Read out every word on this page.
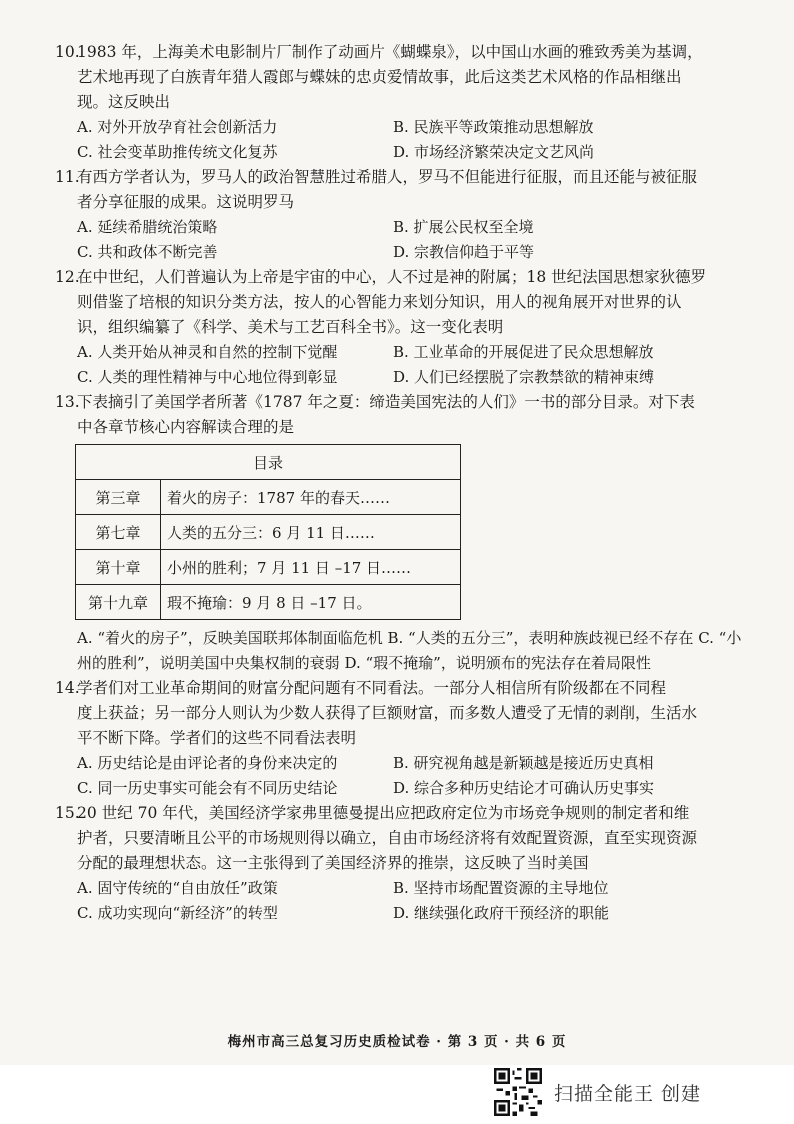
10.1983 年，上海美术电影制片厂制作了动画片《蝴蝶泉》，以中国山水画的雅致秀美为基调，
艺术地再现了白族青年猎人霞郎与蝶妹的忠贞爱情故事，此后这类艺术风格的作品相继出
现。这反映出
A. 对外开放孕育社会创新活力	B. 民族平等政策推动思想解放
C. 社会变革助推传统文化复苏	D. 市场经济繁荣决定文艺风尚
11.有西方学者认为，罗马人的政治智慧胜过希腊人，罗马不但能进行征服，而且还能与被征服
者分享征服的成果。这说明罗马
A. 延续希腊统治策略	B. 扩展公民权至全境
C. 共和政体不断完善	D. 宗教信仰趋于平等
12.在中世纪，人们普遍认为上帝是宇宙的中心，人不过是神的附属；18 世纪法国思想家狄德罗
则借鉴了培根的知识分类方法，按人的心智能力来划分知识，用人的视角展开对世界的认
识，组织编纂了《科学、美术与工艺百科全书》。这一变化表明
A. 人类开始从神灵和自然的控制下觉醒	B. 工业革命的开展促进了民众思想解放
C. 人类的理性精神与中心地位得到彰显	D. 人们已经摆脱了宗教禁欲的精神束缚
13.下表摘引了美国学者所著《1787 年之夏：缔造美国宪法的人们》一书的部分目录。对下表
中各章节核心内容解读合理的是
目录	
第三章	着火的房子：1787 年的春天……
第七章	人类的五分三：6 月 11 日……
第十章	小州的胜利；7 月 11 日 –17 日……
第十九章	瑕不掩瑜：9 月 8 日 –17 日。
A. “着火的房子”，反映美国联邦体制面临危机 B. “人类的五分三”，表明种族歧视已经不存在 C. “小州的胜利”，说明美国中央集权制的衰弱 D. “瑕不掩瑜”，说明颁布的宪法存在着局限性
14.学者们对工业革命期间的财富分配问题有不同看法。一部分人相信所有阶级都在不同程
度上获益；另一部分人则认为少数人获得了巨额财富，而多数人遭受了无情的剥削，生活水
平不断下降。学者们的这些不同看法表明
A. 历史结论是由评论者的身份来决定的	B. 研究视角越是新颖越是接近历史真相
C. 同一历史事实可能会有不同历史结论	D. 综合多种历史结论才可确认历史事实
15.20 世纪 70 年代，美国经济学家弗里德曼提出应把政府定位为市场竞争规则的制定者和维
护者，只要清晰且公平的市场规则得以确立，自由市场经济将有效配置资源，直至实现资源
分配的最理想状态。这一主张得到了美国经济界的推崇，这反映了当时美国
A. 固守传统的“自由放任”政策	B. 坚持市场配置资源的主导地位
C. 成功实现向“新经济”的转型	D. 继续强化政府干预经济的职能
梅州市高三总复习历史质检试卷 · 第 3 页 · 共 6 页
扫描全能王 创建
